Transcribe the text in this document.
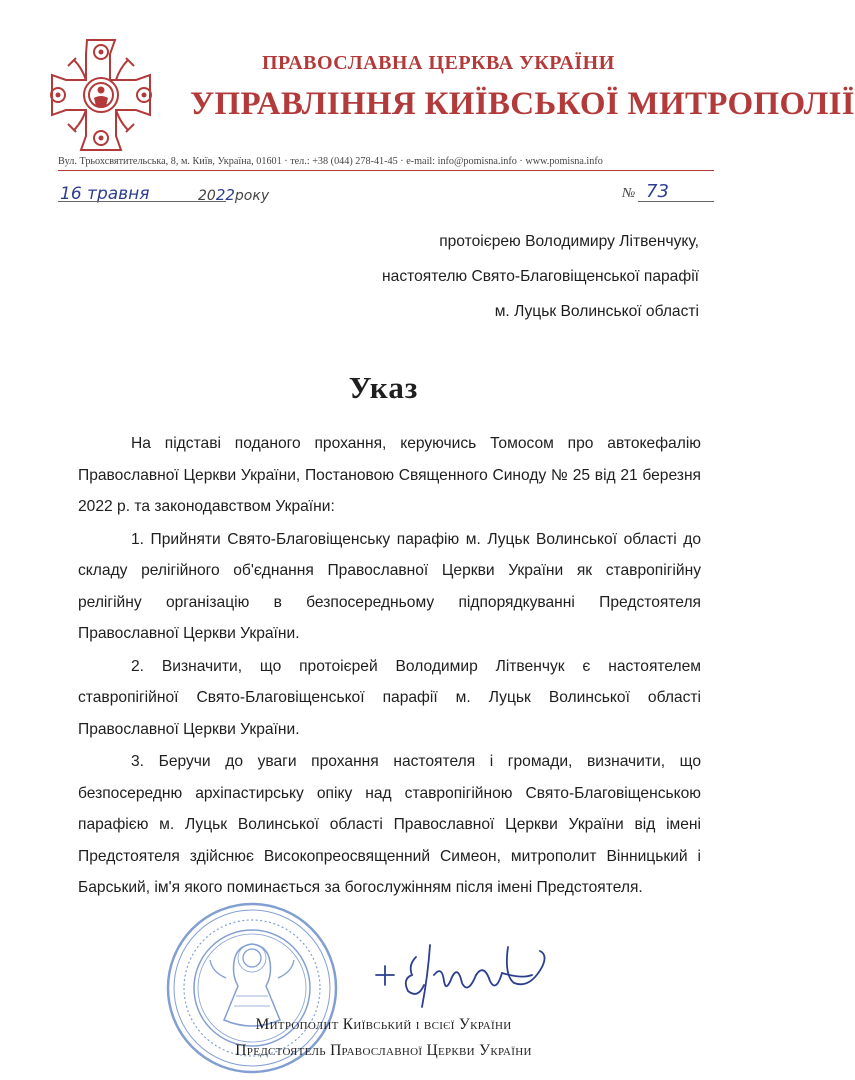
ПРАВОСЛАВНА ЦЕРКВА УКРАЇНИ
УПРАВЛІННЯ КИЇВСЬКОЇ МИТРОПОЛІЇ
Вул. Трьохсвятительська, 8, м. Київ, Україна, 01601 · тел.: +38 (044) 278-41-45 · e-mail: info@pomisna.info · www.pomisna.info
16 травня	2022року	№ 73
протоієрею Володимиру Літвенчуку,
настоятелю Свято-Благовіщенської парафії
м. Луцьк Волинської області
Указ

На підставі поданого прохання, керуючись Томосом про автокефалію Православної Церкви України, Постановою Священного Синоду № 25 від 21 березня 2022 р. та законодавством України:

1. Прийняти Свято-Благовіщенську парафію м. Луцьк Волинської області до складу релігійного об'єднання Православної Церкви України як ставропігійну релігійну організацію в безпосередньому підпорядкуванні Предстоятеля Православної Церкви України.

2. Визначити, що протоієрей Володимир Літвенчук є настоятелем ставропігійної Свято-Благовіщенської парафії м. Луцьк Волинської області Православної Церкви України.

3. Беручи до уваги прохання настоятеля і громади, визначити, що безпосередню архіпастирську опіку над ставропігійною Свято-Благовіщенською парафією м. Луцьк Волинської області Православної Церкви України від імені Предстоятеля здійснює Високопреосвященний Симеон, митрополит Вінницький і Барський, ім'я якого поминається за богослужінням після імені Предстоятеля.

Митрополит Київський і всієї України
Предстоятель Православної Церкви України
